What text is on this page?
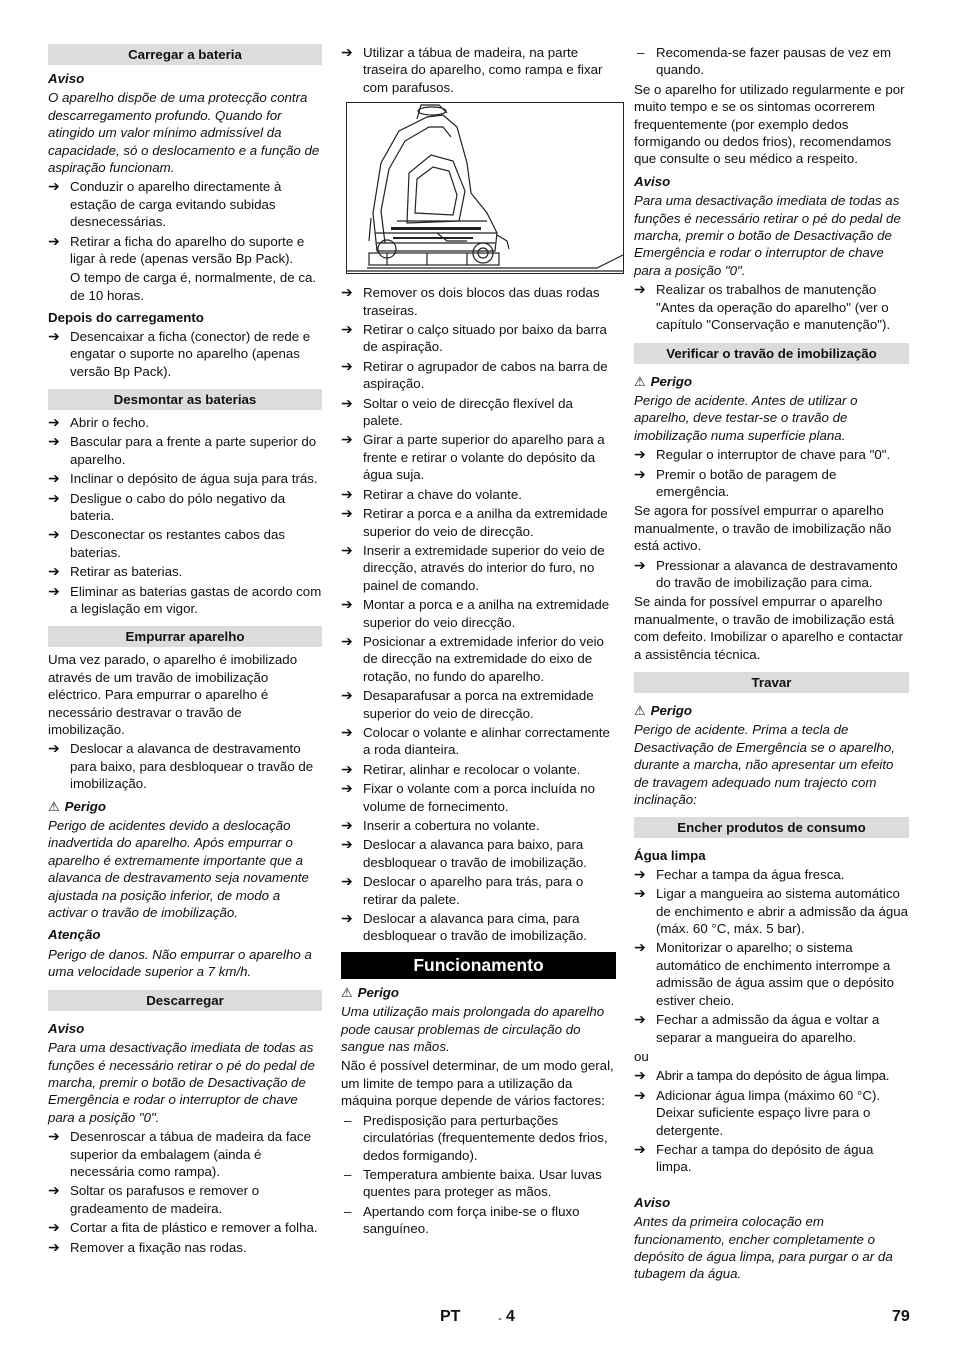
Carregar a bateria
Aviso
O aparelho dispõe de uma protecção contra descarregamento profundo. Quando for atingido um valor mínimo admissível da capacidade, só o deslocamento e a função de aspiração funcionam.
➔ Conduzir o aparelho directamente à estação de carga evitando subidas desnecessárias.
➔ Retirar a ficha do aparelho do suporte e ligar à rede (apenas versão Bp Pack).
O tempo de carga é, normalmente, de ca. de 10 horas.
Depois do carregamento
➔ Desencaixar a ficha (conector) de rede e engatar o suporte no aparelho (apenas versão Bp Pack).
Desmontar as baterias
➔ Abrir o fecho.
➔ Bascular para a frente a parte superior do aparelho.
➔ Inclinar o depósito de água suja para trás.
➔ Desligue o cabo do pólo negativo da bateria.
➔ Desconectar os restantes cabos das baterias.
➔ Retirar as baterias.
➔ Eliminar as baterias gastas de acordo com a legislação em vigor.
Empurrar aparelho
Uma vez parado, o aparelho é imobilizado através de um travão de imobilização eléctrico. Para empurrar o aparelho é necessário destravar o travão de imobilização.
➔ Deslocar a alavanca de destravamento para baixo, para desbloquear o travão de imobilização.
⚠ Perigo
Perigo de acidentes devido a deslocação inadvertida do aparelho. Após empurrar o aparelho é extremamente importante que a alavanca de destravamento seja novamente ajustada na posição inferior, de modo a activar o travão de imobilização.
Atenção
Perigo de danos. Não empurrar o aparelho a uma velocidade superior a 7 km/h.
Descarregar
Aviso
Para uma desactivação imediata de todas as funções é necessário retirar o pé do pedal de marcha, premir o botão de Desactivação de Emergência e rodar o interruptor de chave para a posição "0".
➔ Desenroscar a tábua de madeira da face superior da embalagem (ainda é necessária como rampa).
➔ Soltar os parafusos e remover o gradeamento de madeira.
➔ Cortar a fita de plástico e remover a folha.
➔ Remover a fixação nas rodas.
➔ Utilizar a tábua de madeira, na parte traseira do aparelho, como rampa e fixar com parafusos.
➔ Remover os dois blocos das duas rodas traseiras.
➔ Retirar o calço situado por baixo da barra de aspiração.
➔ Retirar o agrupador de cabos na barra de aspiração.
➔ Soltar o veio de direcção flexível da palete.
➔ Girar a parte superior do aparelho para a frente e retirar o volante do depósito da água suja.
➔ Retirar a chave do volante.
➔ Retirar a porca e a anilha da extremidade superior do veio de direcção.
➔ Inserir a extremidade superior do veio de direcção, através do interior do furo, no painel de comando.
➔ Montar a porca e a anilha na extremidade superior do veio direcção.
➔ Posicionar a extremidade inferior do veio de direcção na extremidade do eixo de rotação, no fundo do aparelho.
➔ Desaparafusar a porca na extremidade superior do veio de direcção.
➔ Colocar o volante e alinhar correctamente a roda dianteira.
➔ Retirar, alinhar e recolocar o volante.
➔ Fixar o volante com a porca incluída no volume de fornecimento.
➔ Inserir a cobertura no volante.
➔ Deslocar a alavanca para baixo, para desbloquear o travão de imobilização.
➔ Deslocar o aparelho para trás, para o retirar da palete.
➔ Deslocar a alavanca para cima, para desbloquear o travão de imobilização.
Funcionamento
⚠ Perigo
Uma utilização mais prolongada do aparelho pode causar problemas de circulação do sangue nas mãos.
Não é possível determinar, de um modo geral, um limite de tempo para a utilização da máquina porque depende de vários factores:
– Predisposição para perturbações circulatórias (frequentemente dedos frios, dedos formigando).
– Temperatura ambiente baixa. Usar luvas quentes para proteger as mãos.
– Apertando com força inibe-se o fluxo sanguíneo.
– Recomenda-se fazer pausas de vez em quando.
Se o aparelho for utilizado regularmente e por muito tempo e se os sintomas ocorrerem frequentemente (por exemplo dedos formigando ou dedos frios), recomendamos que consulte o seu médico a respeito.
Aviso
Para uma desactivação imediata de todas as funções é necessário retirar o pé do pedal de marcha, premir o botão de Desactivação de Emergência e rodar o interruptor de chave para a posição "0".
➔ Realizar os trabalhos de manutenção "Antes da operação do aparelho" (ver o capítulo "Conservação e manutenção").
Verificar o travão de imobilização
⚠ Perigo
Perigo de acidente. Antes de utilizar o aparelho, deve testar-se o travão de imobilização numa superfície plana.
➔ Regular o interruptor de chave para "0".
➔ Premir o botão de paragem de emergência.
Se agora for possível empurrar o aparelho manualmente, o travão de imobilização não está activo.
➔ Pressionar a alavanca de destravamento do travão de imobilização para cima.
Se ainda for possível empurrar o aparelho manualmente, o travão de imobilização está com defeito. Imobilizar o aparelho e contactar a assistência técnica.
Travar
⚠ Perigo
Perigo de acidente. Prima a tecla de Desactivação de Emergência se o aparelho, durante a marcha, não apresentar um efeito de travagem adequado num trajecto com inclinação:
Encher produtos de consumo
Água limpa
➔ Fechar a tampa da água fresca.
➔ Ligar a mangueira ao sistema automático de enchimento e abrir a admissão da água (máx. 60 °C, máx. 5 bar).
➔ Monitorizar o aparelho; o sistema automático de enchimento interrompe a admissão de água assim que o depósito estiver cheio.
➔ Fechar a admissão da água e voltar a separar a mangueira do aparelho.
ou
➔ Abrir a tampa do depósito de água limpa.
➔ Adicionar água limpa (máximo 60 °C). Deixar suficiente espaço livre para o detergente.
➔ Fechar a tampa do depósito de água limpa.
Aviso
Antes da primeira colocação em funcionamento, encher completamente o depósito de água limpa, para purgar o ar da tubagem da água.
PT	- 4	79
